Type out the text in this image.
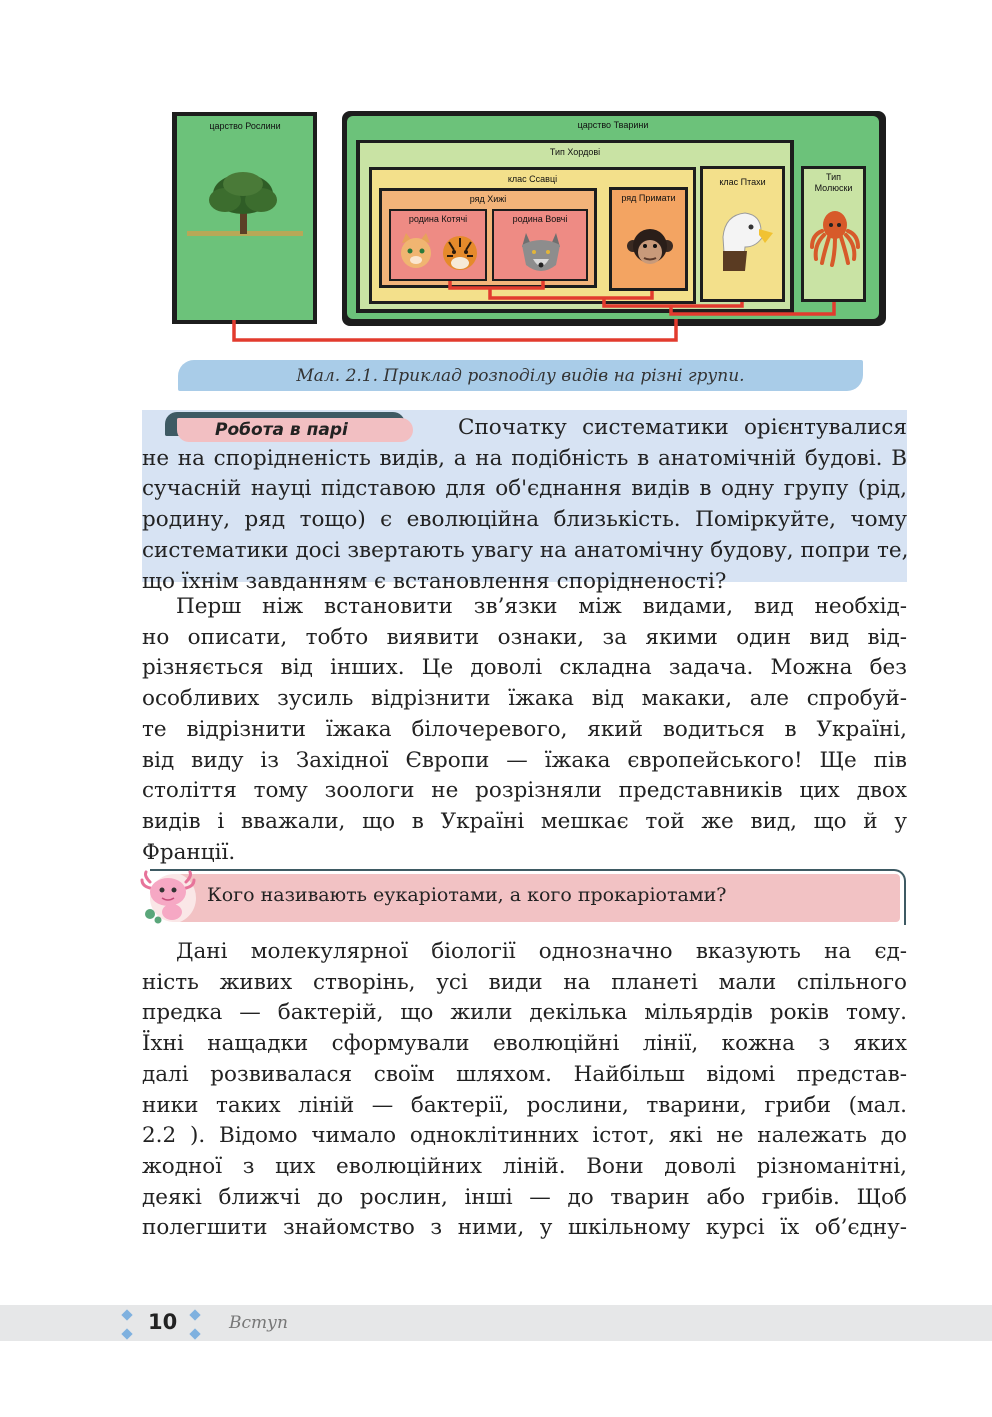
царство Рослини	царство Тварини
Тип Хордові
клас Ссавці
ряд Хижі
родина Котячі	родина Вовчі
ряд Примати
клас Птахи	Тип Молюски
Мал. 2.1. Приклад розподілу видів на різні групи.
Робота в парі	Спочатку систематики орієнтувалися
не на спорідненість видів, а на подібність в анатомічній будові. В
сучасній науці підставою для об'єднання видів в одну групу (рід,
родину, ряд тощо) є еволюційна близькість. Поміркуйте, чому
систематики досі звертають увагу на анатомічну будову, попри те,
що їхнім завданням є встановлення спорідненості?
Перш ніж встановити зв’язки між видами, вид необхід-
но описати, тобто виявити ознаки, за якими один вид від-
різняється від інших. Це доволі складна задача. Можна без
особливих зусиль відрізнити їжака від макаки, але спробуй-
те відрізнити їжака білочеревого, який водиться в Україні,
від виду із Західної Європи — їжака європейського! Ще пів
століття тому зоологи не розрізняли представників цих двох
видів і вважали, що в Україні мешкає той же вид, що й у
Франції.
Кого називають еукаріотами, а кого прокаріотами?
Дані молекулярної біології однозначно вказують на єд-
ність живих створінь, усі види на планеті мали спільного
предка — бактерій, що жили декілька мільярдів років тому.
Їхні нащадки сформували еволюційні лінії, кожна з яких
далі розвивалася своїм шляхом. Найбільш відомі представ-
ники таких ліній — бактерії, рослини, тварини, гриби (мал.
2.2 ). Відомо чимало одноклітинних істот, які не належать до
жодної з цих еволюційних ліній. Вони доволі різноманітні,
деякі ближчі до рослин, інші — до тварин або грибів. Щоб
полегшити знайомство з ними, у шкільному курсі їх об’єдну-
10	Вступ
